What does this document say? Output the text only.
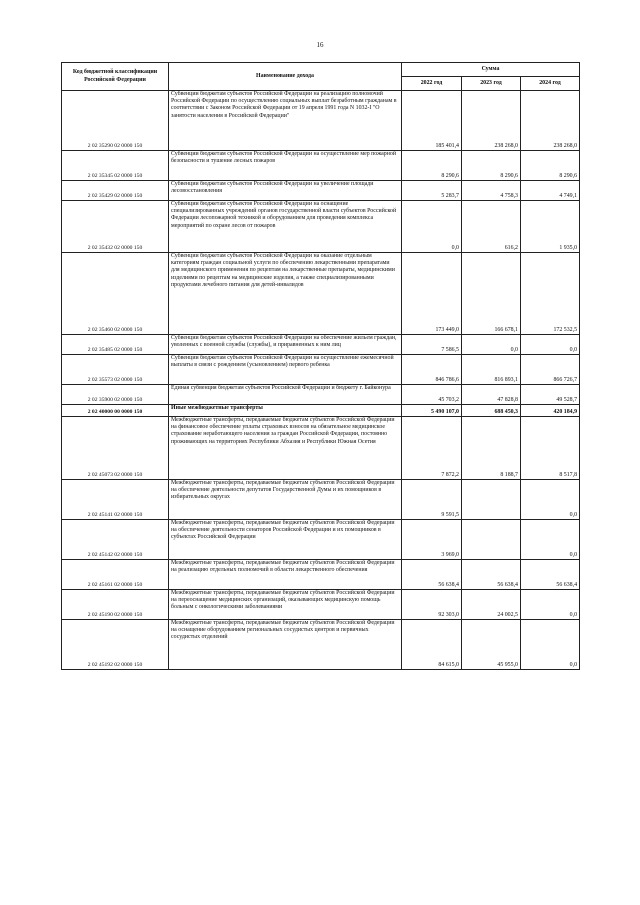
16
Код бюджетной классификации Российской Федерации	Наименование дохода	Сумма		
		2022 год	2023 год	2024 год
2 02 35290 02 0000 150	Субвенции бюджетам субъектов Российской Федерации на реализацию полномочий Российской Федерации по осуществлению социальных выплат безработным гражданам в соответствии с Законом Российской Федерации от 19 апреля 1991 года N 1032-I "О занятости населения в Российской Федерации"	185 401,4	238 268,0	238 268,0
2 02 35345 02 0000 150	Субвенции бюджетам субъектов Российской Федерации на осуществление мер пожарной безопасности и тушение лесных пожаров	8 290,6	8 290,6	8 290,6
2 02 35429 02 0000 150	Субвенции бюджетам субъектов Российской Федерации на увеличение площади лесовосстановления	5 283,7	4 758,3	4 749,1
2 02 35432 02 0000 150	Субвенции бюджетам субъектов Российской Федерации на оснащение специализированных учреждений органов государственной власти субъектов Российской Федерации лесопожарной техникой и оборудованием для проведения комплекса мероприятий по охране лесов от пожаров	0,0	616,2	1 935,0
2 02 35460 02 0000 150	Субвенции бюджетам субъектов Российской Федерации на оказание отдельным категориям граждан социальной услуги по обеспечению лекарственными препаратами для медицинского применения по рецептам на лекарственные препараты, медицинскими изделиями по рецептам на медицинские изделия, а также специализированными продуктами лечебного питания для детей-инвалидов	173 449,0	166 678,1	172 532,5
2 02 35485 02 0000 150	Субвенции бюджетам субъектов Российской Федерации на обеспечение жильем граждан, уволенных с военной службы (службы), и приравненных к ним лиц	7 586,5	0,0	0,0
2 02 35573 02 0000 150	Субвенции бюджетам субъектов Российской Федерации на осуществление ежемесячной выплаты в связи с рождением (усыновлением) первого ребенка	846 786,6	816 893,1	866 726,7
2 02 35900 02 0000 150	Единая субвенция бюджетам субъектов Российской Федерации и бюджету г. Байконура	45 703,2	47 828,8	49 528,7
2 02 40000 00 0000 150	Иные межбюджетные трансферты	5 490 107,0	688 450,3	420 184,9
2 02 45073 02 0000 150	Межбюджетные трансферты, передаваемые бюджетам субъектов Российской Федерации на финансовое обеспечение уплаты страховых взносов на обязательное медицинское страхование неработающего населения за граждан Российской Федерации, постоянно проживающих на территориях Республики Абхазия и Республики Южная Осетия	7 872,2	8 188,7	8 517,8
2 02 45141 02 0000 150	Межбюджетные трансферты, передаваемые бюджетам субъектов Российской Федерации на обеспечение деятельности депутатов Государственной Думы и их помощников в избирательных округах	9 591,5		0,0
2 02 45142 02 0000 150	Межбюджетные трансферты, передаваемые бюджетам субъектов Российской Федерации на обеспечение деятельности сенаторов Российской Федерации и их помощников в субъектах Российской Федерации	3 969,0		0,0
2 02 45161 02 0000 150	Межбюджетные трансферты, передаваемые бюджетам субъектов Российской Федерации на реализацию отдельных полномочий в области лекарственного обеспечения	56 638,4	56 638,4	56 638,4
2 02 45190 02 0000 150	Межбюджетные трансферты, передаваемые бюджетам субъектов Российской Федерации на переоснащение медицинских организаций, оказывающих медицинскую помощь больным с онкологическими заболеваниями	92 303,0	24 002,5	0,0
2 02 45192 02 0000 150	Межбюджетные трансферты, передаваемые бюджетам субъектов Российской Федерации на оснащение оборудованием региональных сосудистых центров и первичных сосудистых отделений	84 615,0	45 955,0	0,0
